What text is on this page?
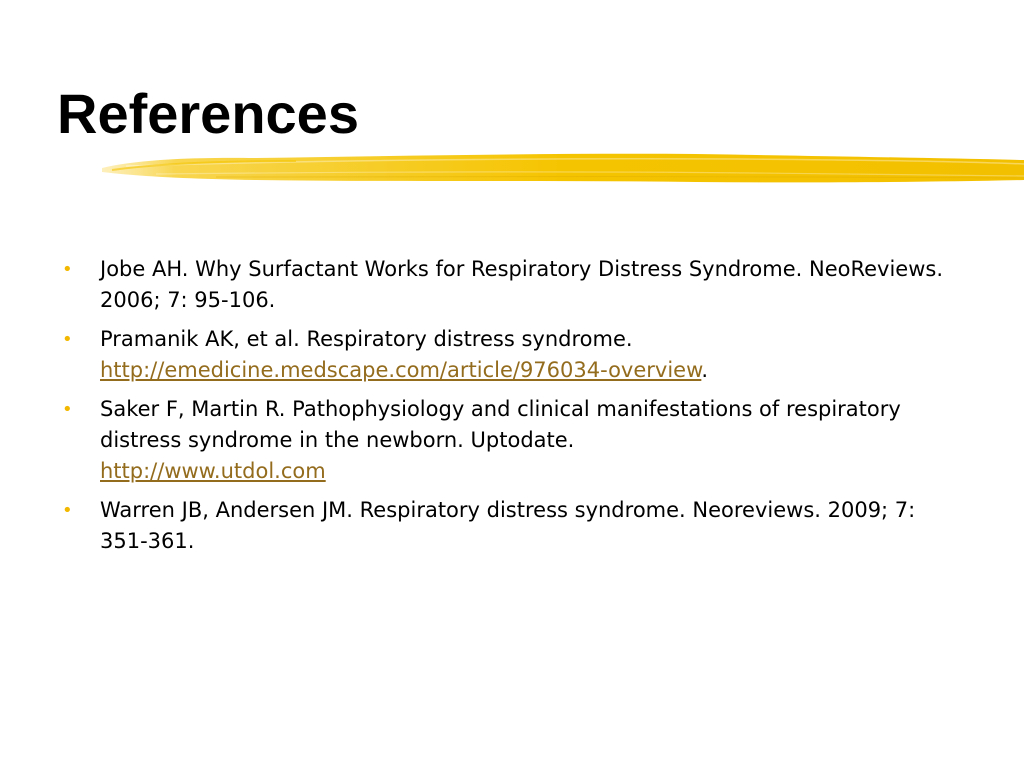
References
• Jobe AH. Why Surfactant Works for Respiratory Distress Syndrome. NeoReviews. 2006; 7: 95-106.
• Pramanik AK, et al. Respiratory distress syndrome.
http://emedicine.medscape.com/article/976034-overview.
• Saker F, Martin R. Pathophysiology and clinical manifestations of respiratory distress syndrome in the newborn. Uptodate.
http://www.utdol.com
• Warren JB, Andersen JM. Respiratory distress syndrome. Neoreviews. 2009; 7: 351-361.
